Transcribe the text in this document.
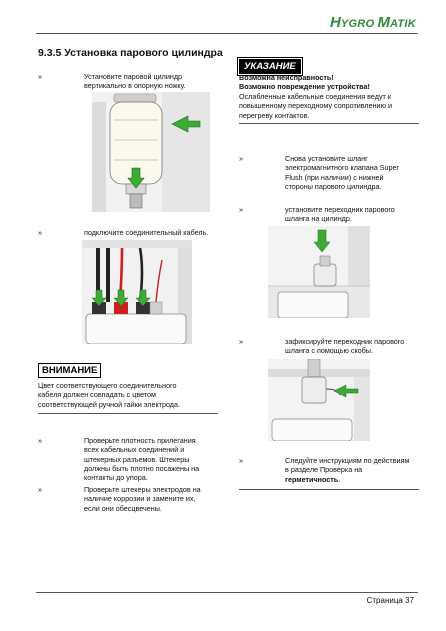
H YGRO M ATIK
9.3.5 Установка парового цилиндра
»	Установите паровой цилиндр
вертикально в опорную ножку.
»	подключите соединительный кабель.
ВНИМАНИЕ
Цвет соответствующего соединительного
кабеля должен совпадать с цветом
соответствующей ручной гайки электрода.
»	Проверьте плотность прилегания
всех кабельных соединений и
штекерных разъемов. Штекеры
должны быть плотно посажены на
контакты до упора.
»	Проверьте штекеры электродов на
наличие коррозии и замените их,
если они обесцвечены.
УКАЗАНИЕ
Возможна неисправность!
Возможно повреждение устройства!
Ослабленные кабельные соединения ведут к
повышенному переходному сопротивлению и
перегреву контактов.
»	Снова установите шланг
электромагнитного клапана Super
Flush (при наличии) с нижней
стороны парового цилиндра.
»	установите переходник парового
шланга на цилиндр.
»	зафиксируйте переходник парового
шланга с помощью скобы.
»	Следуйте инструкциям по действиям
в разделе Проверка на
герметичность.
Страница 37
